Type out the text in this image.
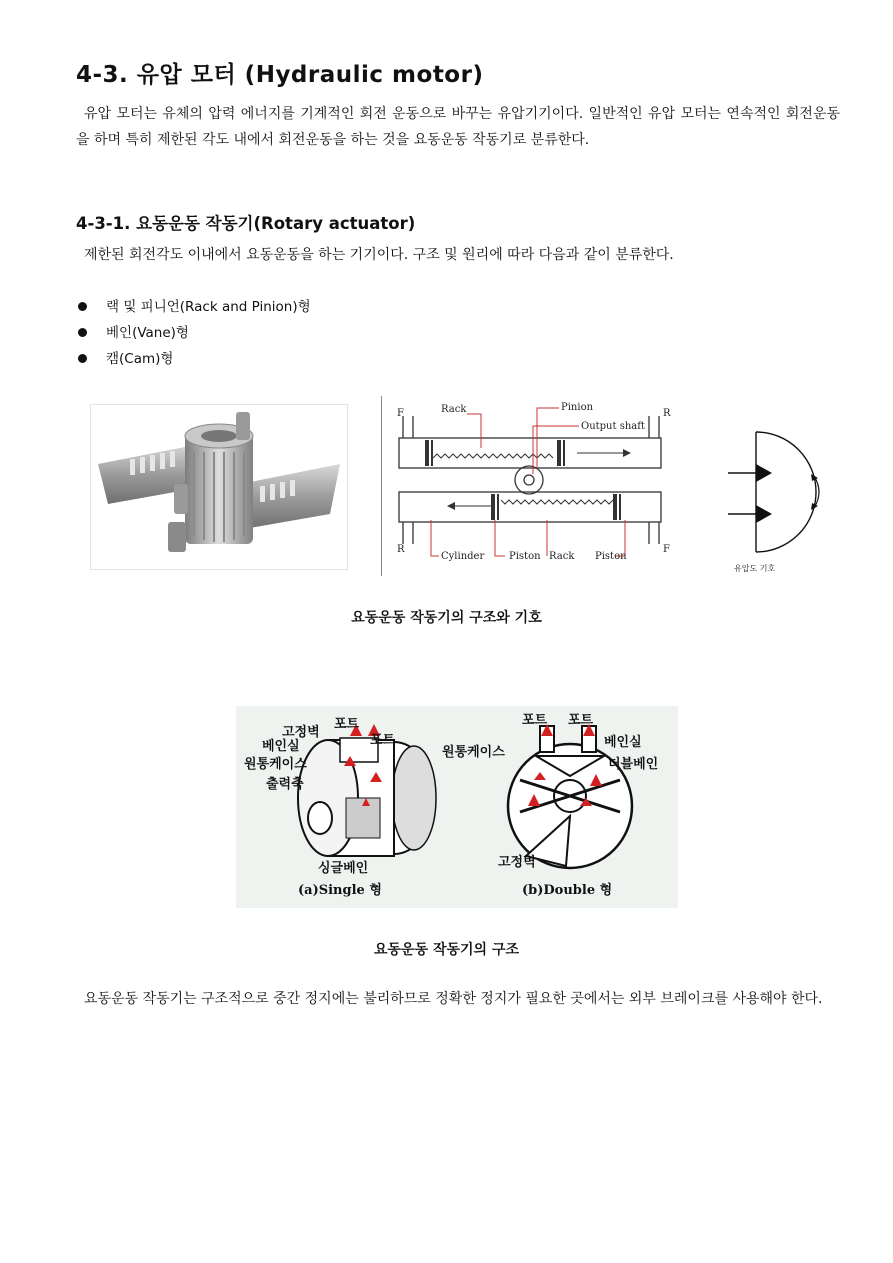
4-3. 유압 모터 (Hydraulic motor)

유압 모터는 유체의 압력 에너지를 기계적인 회전 운동으로 바꾸는 유압기기이다. 일반적인 유압 모터는 연속적인 회전운동을 하며 특히 제한된 각도 내에서 회전운동을 하는 것을 요동운동 작동기로 분류한다.

4-3-1. 요동운동 작동기(Rotary actuator)

제한된 회전각도 이내에서 요동운동을 하는 기기이다. 구조 및 원리에 따라 다음과 같이 분류한다.

랙 및 피니언(Rack and Pinion)형
베인(Vane)형
캠(Cam)형
Rack	Pinion
Output shaft
Cylinder Piston Rack Piston
F	R
R	F
유압도 기호

요동운동 작동기의 구조와 기호

고정벽
포트
포트
베인실
원통케이스
출력축
싱글베인
(a)Single 형
포트 포트
원통케이스
베인실
더블베인
고정벽
(b)Double 형

요동운동 작동기의 구조

요동운동 작동기는 구조적으로 중간 정지에는 불리하므로 정확한 정지가 필요한 곳에서는 외부 브레이크를 사용해야 한다.
